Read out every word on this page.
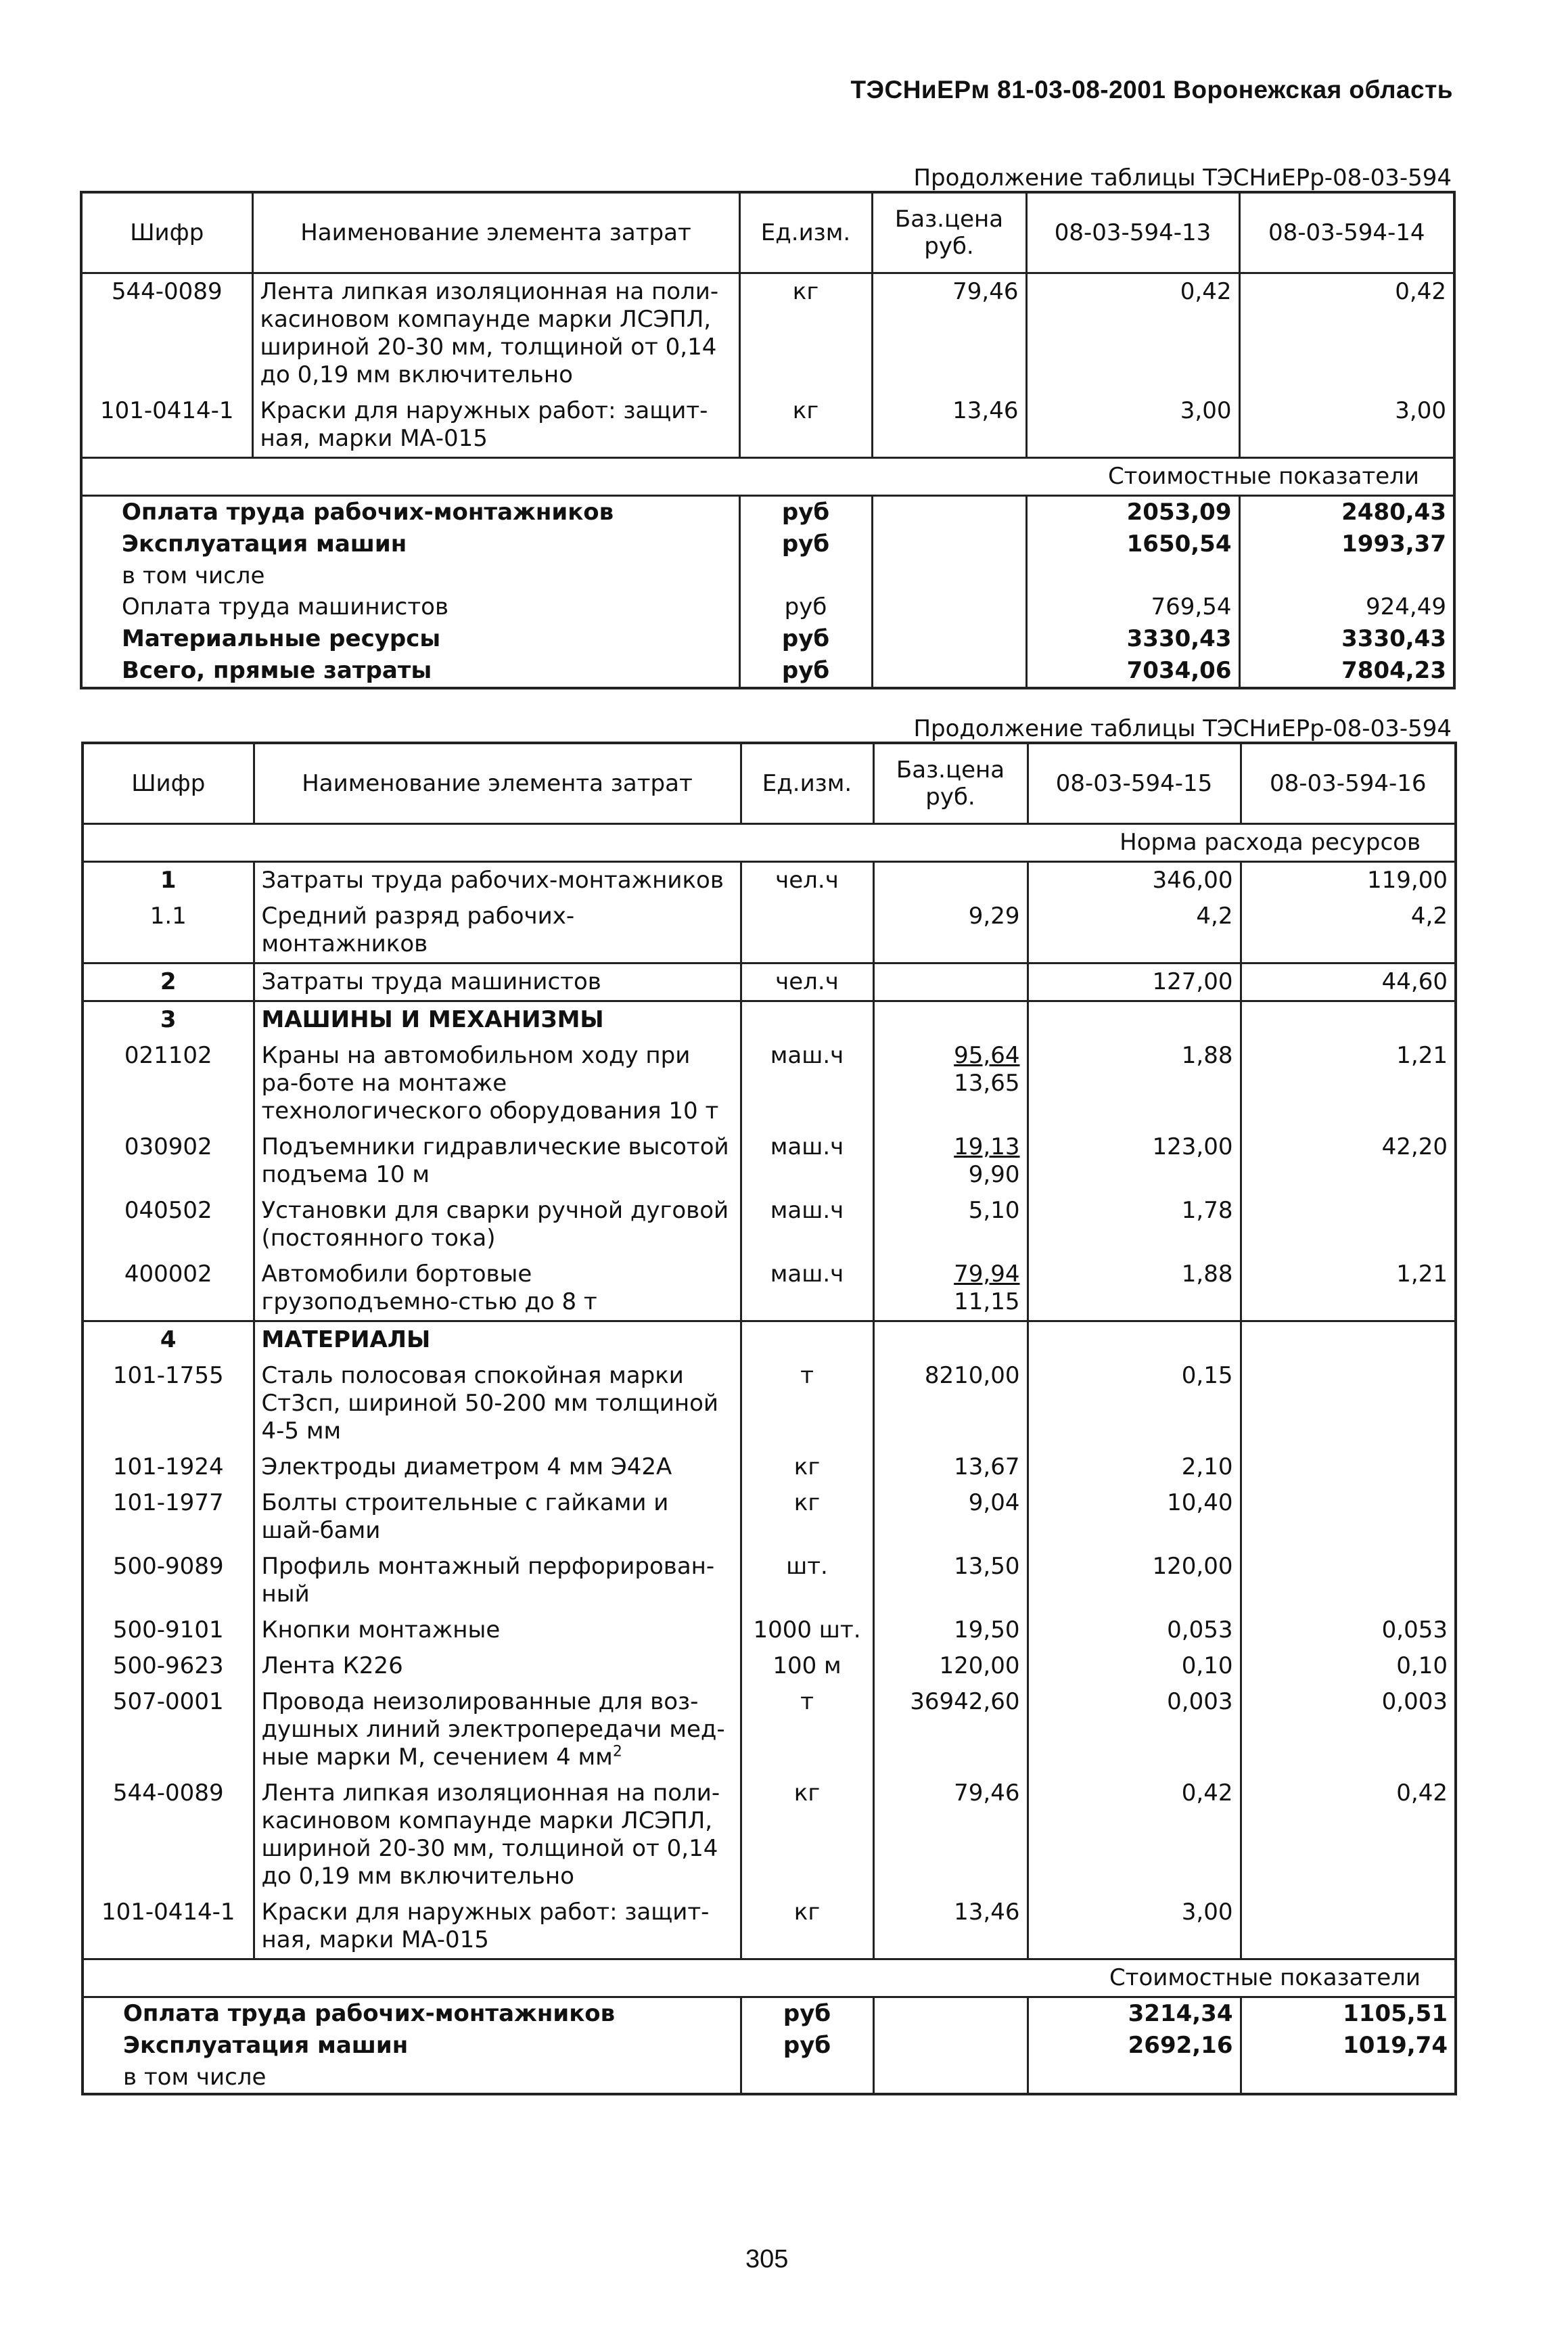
ТЭСНиЕРм 81-03-08-2001 Воронежская область
Продолжение таблицы ТЭСНиЕРр-08-03-594
Шифр	Наименование элемента затрат	Ед.изм.	Баз.цена руб.	08-03-594-13	08-03-594-14
544-0089	Лента липкая изоляционная на поли-касиновом компаунде марки ЛСЭПЛ, шириной 20-30 мм, толщиной от 0,14 до 0,19 мм включительно	кг	79,46	0,42	0,42
101-0414-1	Краски для наружных работ: защит-ная, марки МА-015	кг	13,46	3,00	3,00
Стоимостные показатели					
Оплата труда рабочих-монтажников		руб		2053,09	2480,43
Эксплуатация машин		руб		1650,54	1993,37
в том числе					
Оплата труда машинистов		руб		769,54	924,49
Материальные ресурсы		руб		3330,43	3330,43
Всего, прямые затраты		руб		7034,06	7804,23
Продолжение таблицы ТЭСНиЕРр-08-03-594
Шифр	Наименование элемента затрат	Ед.изм.	Баз.цена руб.	08-03-594-15	08-03-594-16
Норма расхода ресурсов					
1	Затраты труда рабочих-монтажников	чел.ч		346,00	119,00
1.1	Средний разряд рабочих-монтажников		9,29	4,2	4,2
2	Затраты труда машинистов	чел.ч		127,00	44,60
3	МАШИНЫ И МЕХАНИЗМЫ				
021102	Краны на автомобильном ходу при ра-боте на монтаже технологического оборудования 10 т	маш.ч	$\frac{95,64}{13,65}$	1,88	1,21
030902	Подъемники гидравлические высотой подъема 10 м	маш.ч	$\frac{19,13}{9,90}$	123,00	42,20
040502	Установки для сварки ручной дуговой (постоянного тока)	маш.ч	5,10	1,78	
400002	Автомобили бортовые грузоподъемно-стью до 8 т	маш.ч	$\frac{79,94}{11,15}$	1,88	1,21
4	МАТЕРИАЛЫ				
101-1755	Сталь полосовая спокойная марки Ст3сп, шириной 50-200 мм толщиной 4-5 мм	т	8210,00	0,15	
101-1924	Электроды диаметром 4 мм Э42А	кг	13,67	2,10	
101-1977	Болты строительные с гайками и шай-бами	кг	9,04	10,40	
500-9089	Профиль монтажный перфорирован-ный	шт.	13,50	120,00	
500-9101	Кнопки монтажные	1000 шт.	19,50	0,053	0,053
500-9623	Лента К226	100 м	120,00	0,10	0,10
507-0001	Провода неизолированные для воз-душных линий электропередачи мед-ные марки М, сечением 4 $мм^2$	т	36942,60	0,003	0,003
544-0089	Лента липкая изоляционная на поли-касиновом компаунде марки ЛСЭПЛ, шириной 20-30 мм, толщиной от 0,14 до 0,19 мм включительно	кг	79,46	0,42	0,42
101-0414-1	Краски для наружных работ: защит-ная, марки МА-015	кг	13,46	3,00	
Стоимостные показатели					
Оплата труда рабочих-монтажников		руб		3214,34	1105,51
Эксплуатация машин		руб		2692,16	1019,74
в том числе					
305
